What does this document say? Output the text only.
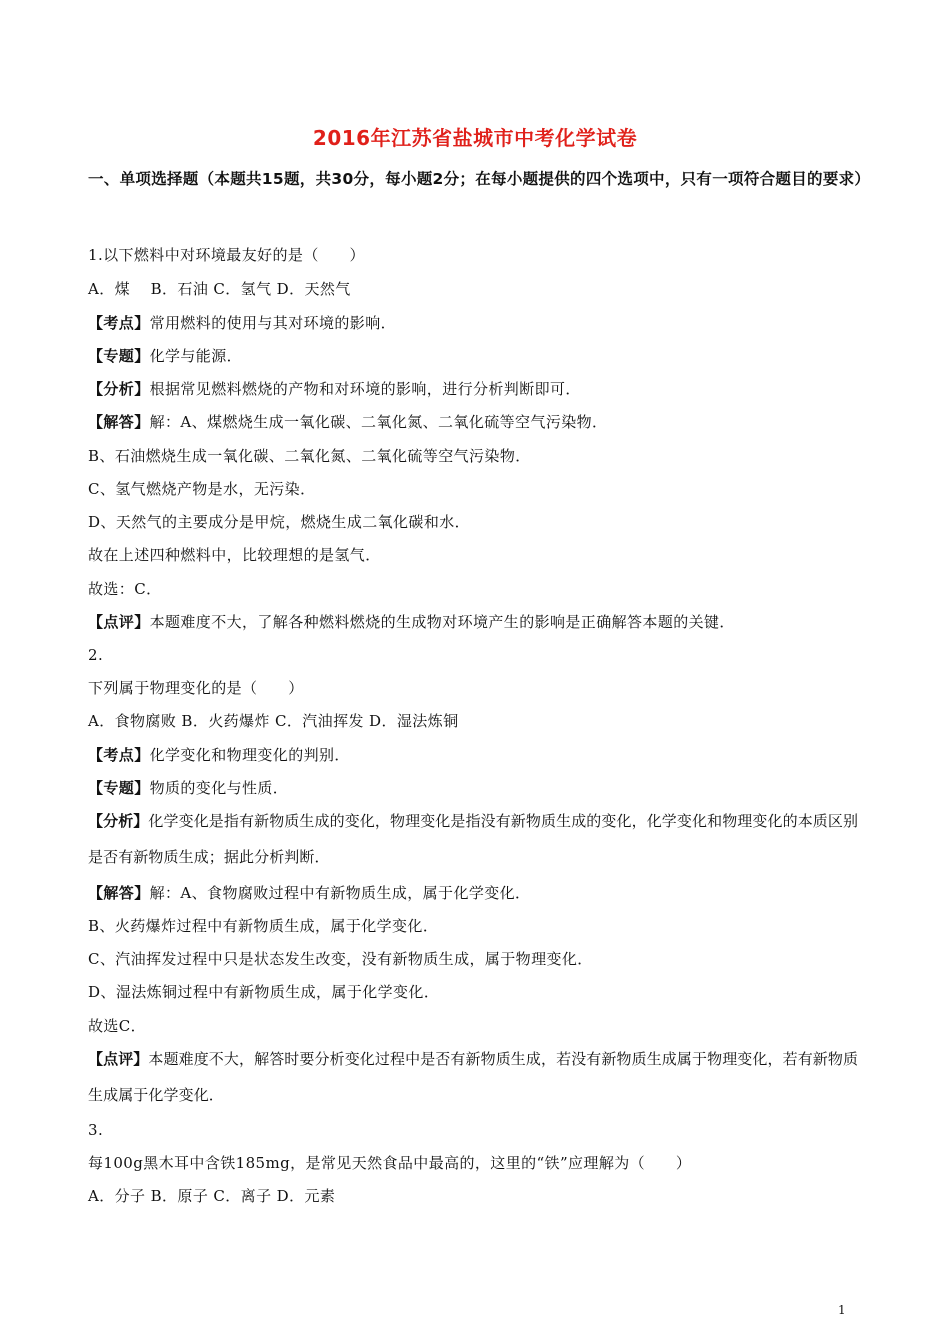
2016年江苏省盐城市中考化学试卷
一、单项选择题（本题共15题，共30分，每小题2分；在每小题提供的四个选项中，只有一项符合题目的要求）
1.以下燃料中对环境最友好的是（　　）
A．煤　 B．石油 C．氢气 D．天然气
【考点】常用燃料的使用与其对环境的影响．
【专题】化学与能源．
【分析】根据常见燃料燃烧的产物和对环境的影响，进行分析判断即可．
【解答】解：A、煤燃烧生成一氧化碳、二氧化氮、二氧化硫等空气污染物．
B、石油燃烧生成一氧化碳、二氧化氮、二氧化硫等空气污染物．
C、氢气燃烧产物是水，无污染．
D、天然气的主要成分是甲烷，燃烧生成二氧化碳和水．
故在上述四种燃料中，比较理想的是氢气．
故选：C．
【点评】本题难度不大，了解各种燃料燃烧的生成物对环境产生的影响是正确解答本题的关键．
2.
下列属于物理变化的是（　　）
A．食物腐败 B．火药爆炸 C．汽油挥发 D．湿法炼铜
【考点】化学变化和物理变化的判别．
【专题】物质的变化与性质．
【分析】化学变化是指有新物质生成的变化，物理变化是指没有新物质生成的变化，化学变化和物理变化的本质区别是否有新物质生成；据此分析判断．
【解答】解：A、食物腐败过程中有新物质生成，属于化学变化．
B、火药爆炸过程中有新物质生成，属于化学变化．
C、汽油挥发过程中只是状态发生改变，没有新物质生成，属于物理变化．
D、湿法炼铜过程中有新物质生成，属于化学变化．
故选C．
【点评】本题难度不大，解答时要分析变化过程中是否有新物质生成，若没有新物质生成属于物理变化，若有新物质生成属于化学变化．
3.
每100g黑木耳中含铁185mg，是常见天然食品中最高的，这里的“铁”应理解为（　　）
A．分子 B．原子 C．离子 D．元素
1
